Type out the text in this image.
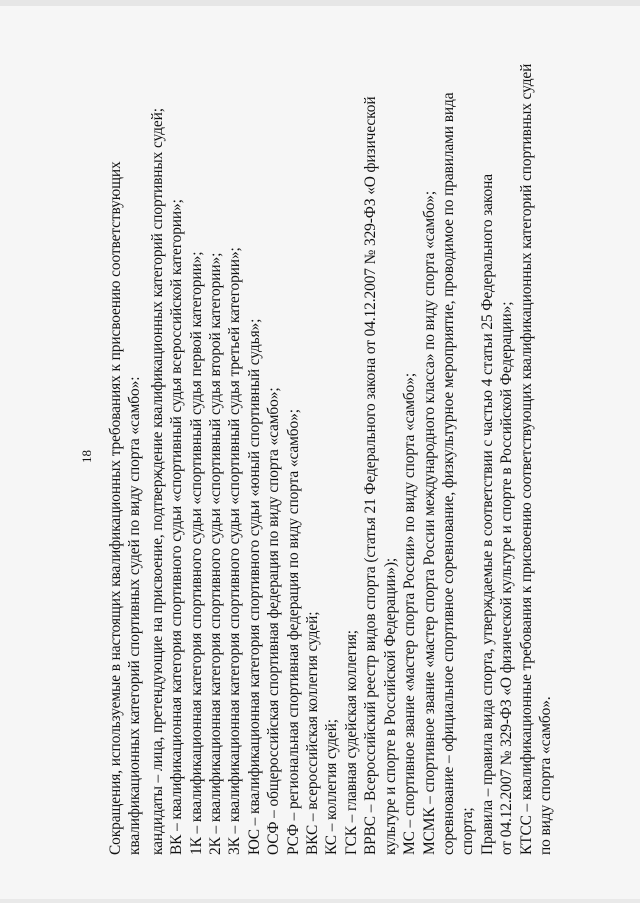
18 Сокращения, используемые в настоящих квалификационных требованиях к присвоению соответствующих квалификационных категорий спортивных судей по виду спорта «самбо»: кандидаты – лица, претендующие на присвоение, подтверждение квалификационных категорий спортивных судей; ВК – квалификационная категория спортивного судьи «спортивный судья всероссийской категории»; 1К – квалификационная категория спортивного судьи «спортивный судья первой категории»; 2К – квалификационная категория спортивного судьи «спортивный судья второй категории»; 3К – квалификационная категория спортивного судьи «спортивный судья третьей категории»; ЮС – квалификационная категория спортивного судьи «юный спортивный судья»; ОСФ – общероссийская спортивная федерация по виду спорта «самбо»; РСФ – региональная спортивная федерация по виду спорта «самбо»; ВКС – всероссийская коллегия судей; КС – коллегия судей; ГСК – главная судейская коллегия; ВРВС – Всероссийский реестр видов спорта (статья 21 Федерального закона от 04.12.2007 № 329-ФЗ «О физической культуре и спорте в Российской Федерации»); МС – спортивное звание «мастер спорта России» по виду спорта «самбо»; МСМК – спортивное звание «мастер спорта России международного класса» по виду спорта «самбо»; соревнование – официальное спортивное соревнование, физкультурное мероприятие, проводимое по правилами вида спорта; Правила – правила вида спорта, утверждаемые в соответствии с частью 4 статьи 25 Федерального закона от 04.12.2007 № 329-ФЗ «О физической культуре и спорте в Российской Федерации»; КТСС – квалификационные требования к присвоению соответствующих квалификационных категорий спортивных судей по виду спорта «самбо».
